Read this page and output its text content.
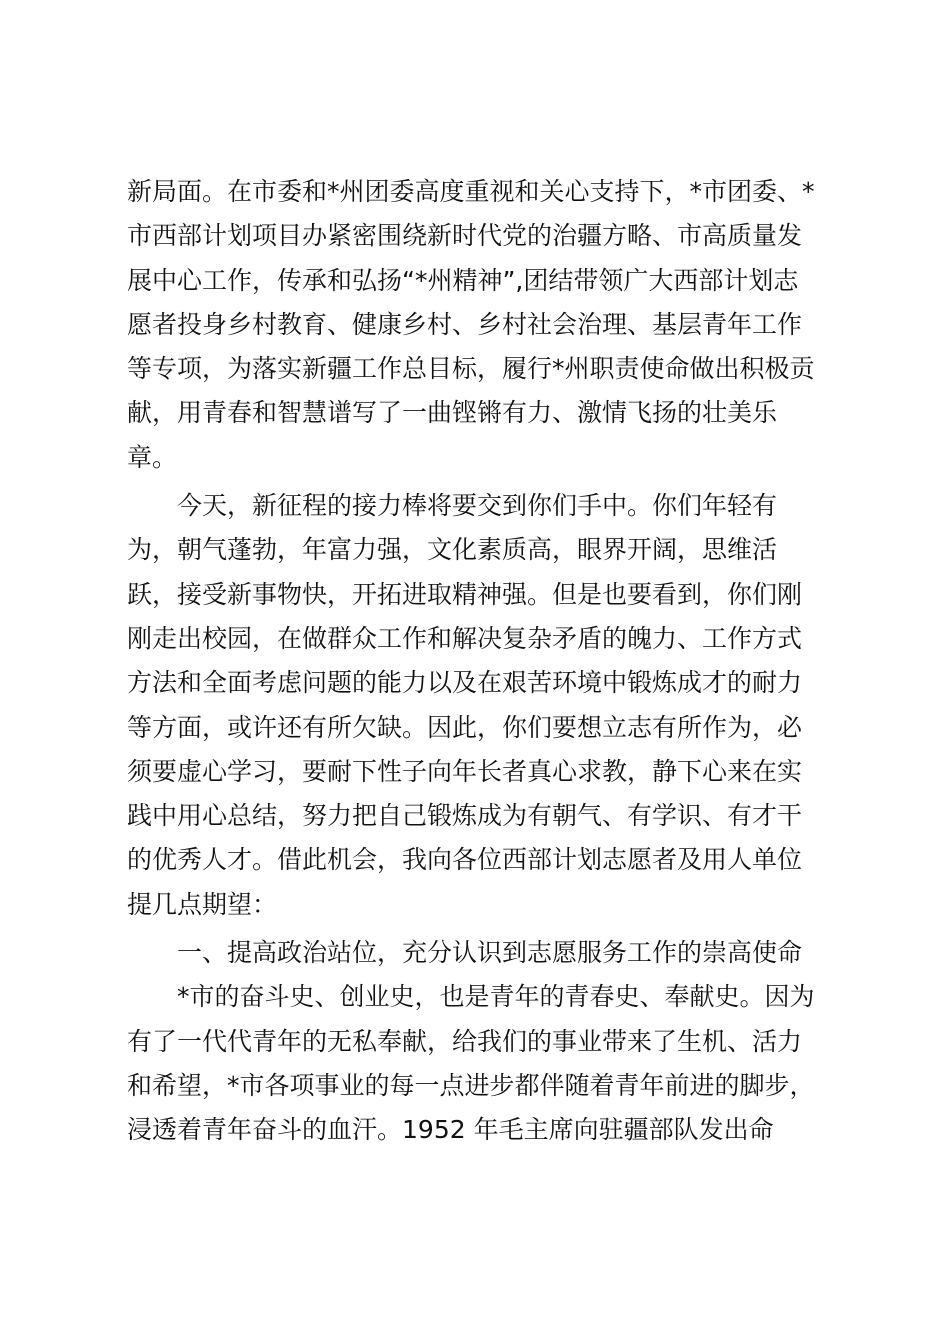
新局面。在市委和*州团委高度重视和关心支持下，*市团委、*
市西部计划项目办紧密围绕新时代党的治疆方略、市高质量发
展中心工作，传承和弘扬“*州精神”,团结带领广大西部计划志
愿者投身乡村教育、健康乡村、乡村社会治理、基层青年工作
等专项，为落实新疆工作总目标，履行*州职责使命做出积极贡
献，用青春和智慧谱写了一曲铿锵有力、激情飞扬的壮美乐
章。
　　今天，新征程的接力棒将要交到你们手中。你们年轻有
为，朝气蓬勃，年富力强，文化素质高，眼界开阔，思维活
跃，接受新事物快，开拓进取精神强。但是也要看到，你们刚
刚走出校园，在做群众工作和解决复杂矛盾的魄力、工作方式
方法和全面考虑问题的能力以及在艰苦环境中锻炼成才的耐力
等方面，或许还有所欠缺。因此，你们要想立志有所作为，必
须要虚心学习，要耐下性子向年长者真心求教，静下心来在实
践中用心总结，努力把自己锻炼成为有朝气、有学识、有才干
的优秀人才。借此机会，我向各位西部计划志愿者及用人单位
提几点期望：
　　一、提高政治站位，充分认识到志愿服务工作的崇高使命
　　*市的奋斗史、创业史，也是青年的青春史、奉献史。因为
有了一代代青年的无私奉献，给我们的事业带来了生机、活力
和希望，*市各项事业的每一点进步都伴随着青年前进的脚步，
浸透着青年奋斗的血汗。1952 年毛主席向驻疆部队发出命
